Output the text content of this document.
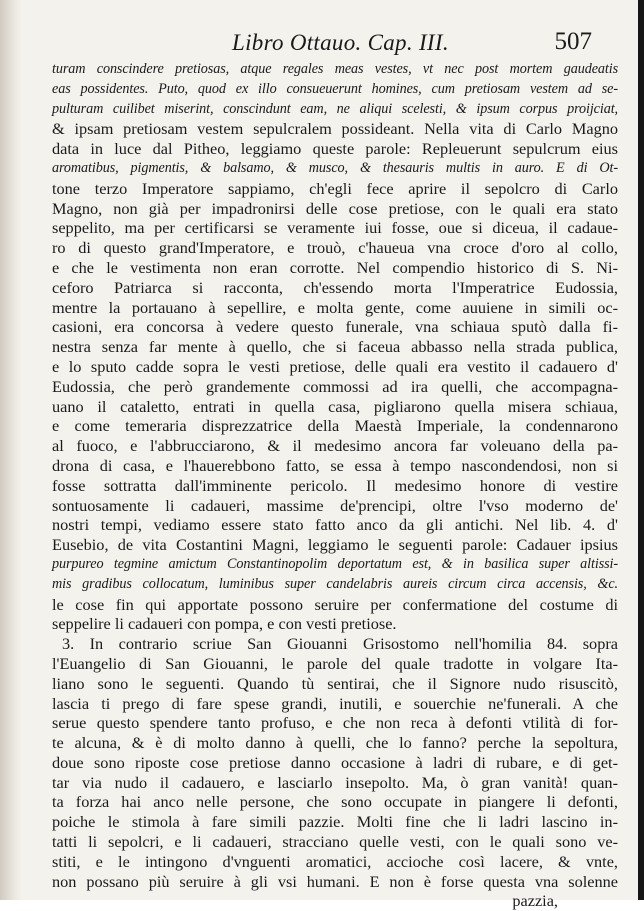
Libro Ottauo. Cap. III.	507
turam conscindere pretiosas, atque regales meas vestes, vt nec post mortem gaudeatis
eas possidentes. Puto, quod ex illo consueuerunt homines, cum pretiosam vestem ad se-
pulturam cuilibet miserint, conscindunt eam, ne aliqui scelesti, & ipsum corpus proijciat,
& ipsam pretiosam vestem sepulcralem possideant. Nella vita di Carlo Magno
data in luce dal Pitheo, leggiamo queste parole: Repleuerunt sepulcrum eius
aromatibus, pigmentis, & balsamo, & musco, & thesauris multis in auro. E di Ot-
tone terzo Imperatore sappiamo, ch'egli fece aprire il sepolcro di Carlo
Magno, non già per impadronirsi delle cose pretiose, con le quali era stato
seppelito, ma per certificarsi se veramente iui fosse, oue si diceua, il cadaue-
ro di questo grand'Imperatore, e trouò, c'haueua vna croce d'oro al collo,
e che le vestimenta non eran corrotte. Nel compendio historico di S. Ni-
ceforo Patriarca si racconta, ch'essendo morta l'Imperatrice Eudossia,
mentre la portauano à sepellire, e molta gente, come auuiene in simili oc-
casioni, era concorsa à vedere questo funerale, vna schiaua sputò dalla fi-
nestra senza far mente à quello, che si faceua abbasso nella strada publica,
e lo sputo cadde sopra le vesti pretiose, delle quali era vestito il cadauero d'
Eudossia, che però grandemente commossi ad ira quelli, che accompagna-
uano il cataletto, entrati in quella casa, pigliarono quella misera schiaua,
e come temeraria disprezzatrice della Maestà Imperiale, la condennarono
al fuoco, e l'abbrucciarono, & il medesimo ancora far voleuano della pa-
drona di casa, e l'hauerebbono fatto, se essa à tempo nascondendosi, non si
fosse sottratta dall'imminente pericolo. Il medesimo honore di vestire
sontuosamente li cadaueri, massime de'prencipi, oltre l'vso moderno de'
nostri tempi, vediamo essere stato fatto anco da gli antichi. Nel lib. 4. d'
Eusebio, de vita Costantini Magni, leggiamo le seguenti parole: Cadauer ipsius
purpureo tegmine amictum Constantinopolim deportatum est, & in basilica super altissi-
mis gradibus collocatum, luminibus super candelabris aureis circum circa accensis, &c.
le cose fin qui apportate possono seruire per confermatione del costume di
seppelire li cadaueri con pompa, e con vesti pretiose.
3. In contrario scriue San Giouanni Grisostomo nell'homilia 84. sopra
l'Euangelio di San Giouanni, le parole del quale tradotte in volgare Ita-
liano sono le seguenti. Quando tù sentirai, che il Signore nudo risuscitò,
lascia ti prego di fare spese grandi, inutili, e souerchie ne'funerali. A che
serue questo spendere tanto profuso, e che non reca à defonti vtilità di for-
te alcuna, & è di molto danno à quelli, che lo fanno? perche la sepoltura,
doue sono riposte cose pretiose danno occasione à ladri di rubare, e di get-
tar via nudo il cadauero, e lasciarlo insepolto. Ma, ò gran vanità! quan-
ta forza hai anco nelle persone, che sono occupate in piangere li defonti,
poiche le stimola à fare simili pazzie. Molti fine che li ladri lascino in-
tatti li sepolcri, e li cadaueri, stracciano quelle vesti, con le quali sono ve-
stiti, e le intingono d'vnguenti aromatici, accioche così lacere, & vnte,
non possano più seruire à gli vsi humani. E non è forse questa vna solenne
pazzia,
